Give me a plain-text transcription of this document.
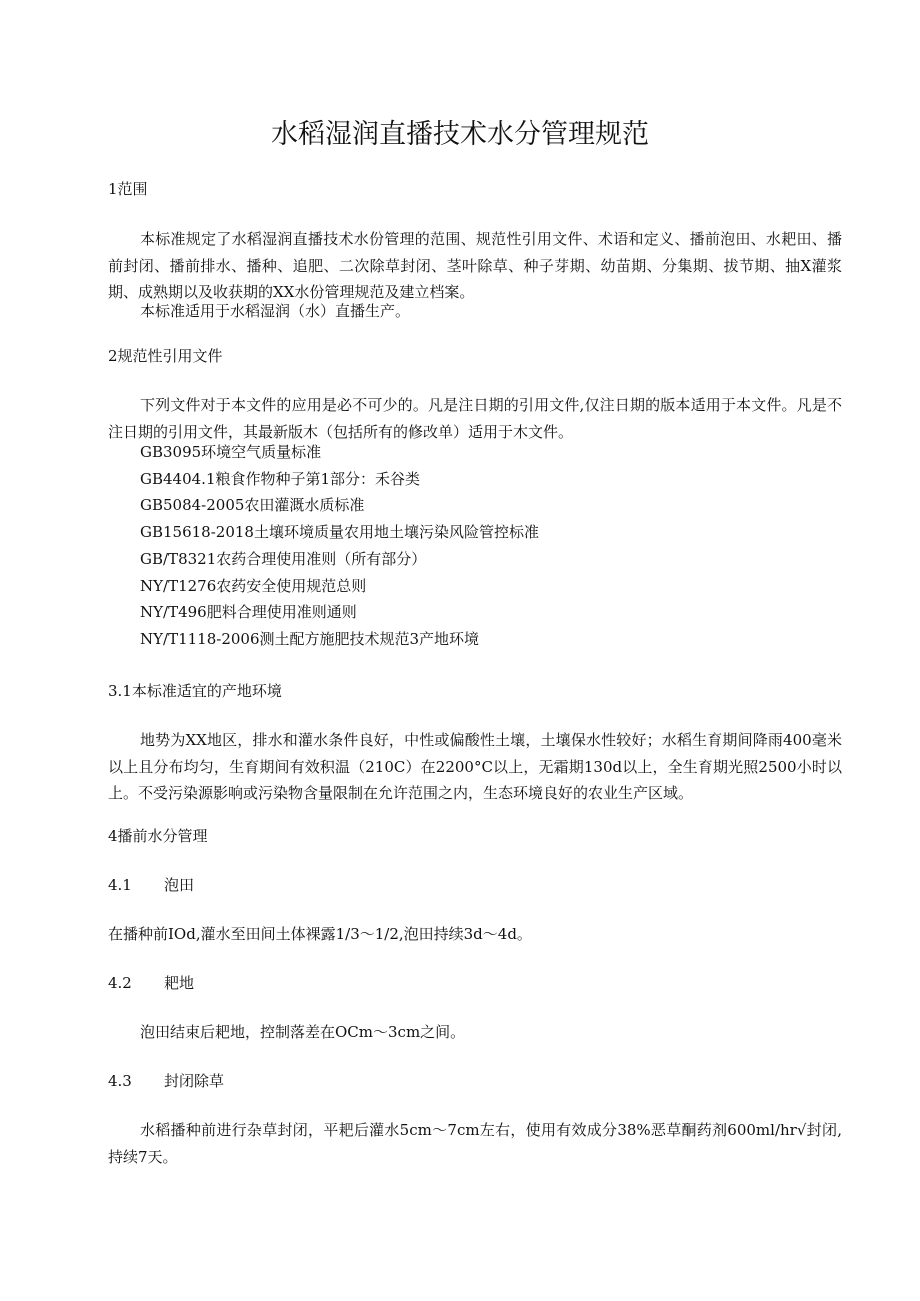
水稻湿润直播技术水分管理规范
1范围
本标准规定了水稻湿润直播技术水份管理的范围、规范性引用文件、术语和定义、播前泡田、水耙田、播前封闭、播前排水、播种、追肥、二次除草封闭、茎叶除草、种子芽期、幼苗期、分集期、拔节期、抽X灌浆期、成熟期以及收获期的XX水份管理规范及建立档案。
本标准适用于水稻湿润（水）直播生产。
2规范性引用文件
下列文件对于本文件的应用是必不可少的。凡是注日期的引用文件,仅注日期的版本适用于本文件。凡是不注日期的引用文件，其最新版木（包括所有的修改单）适用于木文件。
GB3095环境空气质量标准
GB4404.1粮食作物种子第1部分：禾谷类
GB5084-2005农田灌溉水质标准
GB15618-2018土壤环境质量农用地土壤污染风险管控标准
GB/T8321农药合理使用准则（所有部分）
NY/T1276农药安全使用规范总则
NY/T496肥料合理使用准则通则
NY/T1118-2006测土配方施肥技术规范3产地环境
3.1本标准适宜的产地环境
地势为XX地区，排水和灌水条件良好，中性或偏酸性土壤，土壤保水性较好；水稻生育期间降雨400毫米以上且分布均匀，生育期间有效积温（210C）在2200°C以上，无霜期130d以上，全生育期光照2500小时以上。不受污染源影响或污染物含量限制在允许范围之内，生态环境良好的农业生产区域。
4播前水分管理
4.1 泡田
在播种前IOd,灌水至田间土体裸露1/3～1/2,泡田持续3d～4d。
4.2 耙地
泡田结束后耙地，控制落差在OCm～3cm之间。
4.3 封闭除草
水稻播种前进行杂草封闭，平耙后灌水5cm～7cm左右，使用有效成分38%恶草酮药剂600ml∕hr√封闭,持续7天。
